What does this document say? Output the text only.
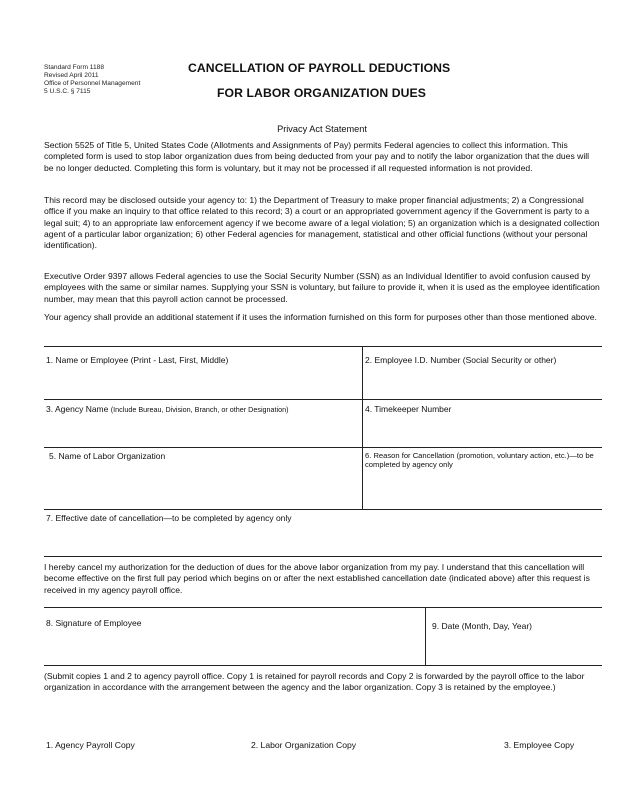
Standard Form 1188
Revised April 2011
Office of Personnel Management
5 U.S.C. § 7115
CANCELLATION OF PAYROLL DEDUCTIONS
FOR LABOR ORGANIZATION DUES
Privacy Act Statement
Section 5525 of Title 5, United States Code (Allotments and Assignments of Pay) permits Federal agencies to collect this information. This completed form is used to stop labor organization dues from being deducted from your pay and to notify the labor organization that the dues will be no longer deducted. Completing this form is voluntary, but it may not be processed if all requested information is not provided.
This record may be disclosed outside your agency to: 1) the Department of Treasury to make proper financial adjustments; 2) a Congressional office if you make an inquiry to that office related to this record; 3) a court or an appropriated government agency if the Government is party to a legal suit; 4) to an appropriate law enforcement agency if we become aware of a legal violation; 5) an organization which is a designated collection agent of a particular labor organization; 6) other Federal agencies for management, statistical and other official functions (without your personal identification).
Executive Order 9397 allows Federal agencies to use the Social Security Number (SSN) as an Individual Identifier to avoid confusion caused by employees with the same or similar names. Supplying your SSN is voluntary, but failure to provide it, when it is used as the employee identification number, may mean that this payroll action cannot be processed.
Your agency shall provide an additional statement if it uses the information furnished on this form for purposes other than those mentioned above.
1. Name or Employee (Print - Last, First, Middle)	2. Employee I.D. Number (Social Security or other)
3. Agency Name (Include Bureau, Division, Branch, or other Designation)	4. Timekeeper Number
5. Name of Labor Organization	6. Reason for Cancellation (promotion, voluntary action, etc.)—to be completed by agency only
7. Effective date of cancellation—to be completed by agency only
I hereby cancel my authorization for the deduction of dues for the above labor organization from my pay. I understand that this cancellation will become effective on the first full pay period which begins on or after the next established cancellation date (indicated above) after this request is received in my agency payroll office.
8. Signature of Employee	9. Date (Month, Day, Year)
(Submit copies 1 and 2 to agency payroll office. Copy 1 is retained for payroll records and Copy 2 is forwarded by the payroll office to the labor organization in accordance with the arrangement between the agency and the labor organization. Copy 3 is retained by the employee.)
1. Agency Payroll Copy	2. Labor Organization Copy	3. Employee Copy
